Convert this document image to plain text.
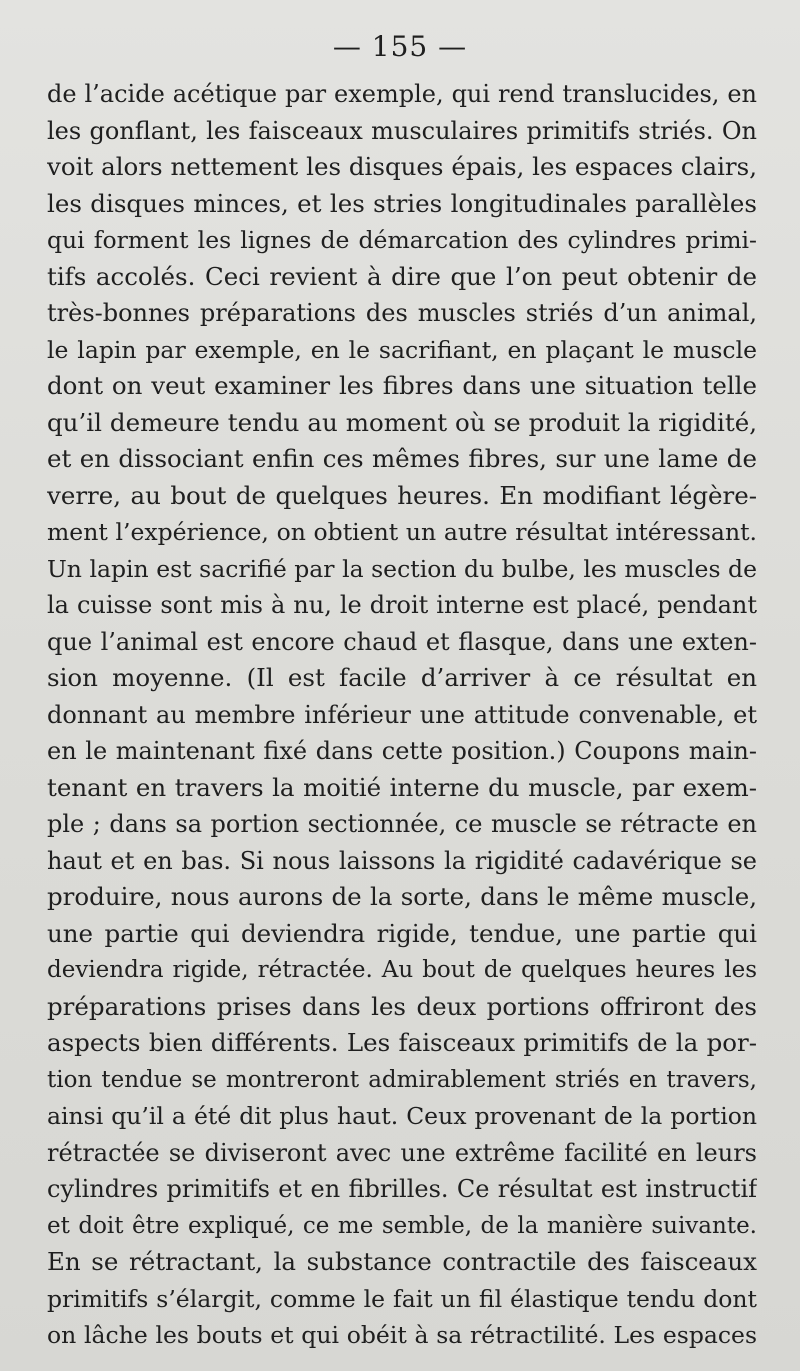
— 155 —
de l’acide acétique par exemple, qui rend translucides, en
les gonflant, les faisceaux musculaires primitifs striés. On
voit alors nettement les disques épais, les espaces clairs,
les disques minces, et les stries longitudinales parallèles
qui forment les lignes de démarcation des cylindres primi-
tifs accolés. Ceci revient à dire que l’on peut obtenir de
très-bonnes préparations des muscles striés d’un animal,
le lapin par exemple, en le sacrifiant, en plaçant le muscle
dont on veut examiner les fibres dans une situation telle
qu’il demeure tendu au moment où se produit la rigidité,
et en dissociant enfin ces mêmes fibres, sur une lame de
verre, au bout de quelques heures. En modifiant légère-
ment l’expérience, on obtient un autre résultat intéressant.
Un lapin est sacrifié par la section du bulbe, les muscles de
la cuisse sont mis à nu, le droit interne est placé, pendant
que l’animal est encore chaud et flasque, dans une exten-
sion moyenne. (Il est facile d’arriver à ce résultat en
donnant au membre inférieur une attitude convenable, et
en le maintenant fixé dans cette position.) Coupons main-
tenant en travers la moitié interne du muscle, par exem-
ple ; dans sa portion sectionnée, ce muscle se rétracte en
haut et en bas. Si nous laissons la rigidité cadavérique se
produire, nous aurons de la sorte, dans le même muscle,
une partie qui deviendra rigide, tendue, une partie qui
deviendra rigide, rétractée. Au bout de quelques heures les
préparations prises dans les deux portions offriront des
aspects bien différents. Les faisceaux primitifs de la por-
tion tendue se montreront admirablement striés en travers,
ainsi qu’il a été dit plus haut. Ceux provenant de la portion
rétractée se diviseront avec une extrême facilité en leurs
cylindres primitifs et en fibrilles. Ce résultat est instructif
et doit être expliqué, ce me semble, de la manière suivante.
En se rétractant, la substance contractile des faisceaux
primitifs s’élargit, comme le fait un fil élastique tendu dont
on lâche les bouts et qui obéit à sa rétractilité. Les espaces
